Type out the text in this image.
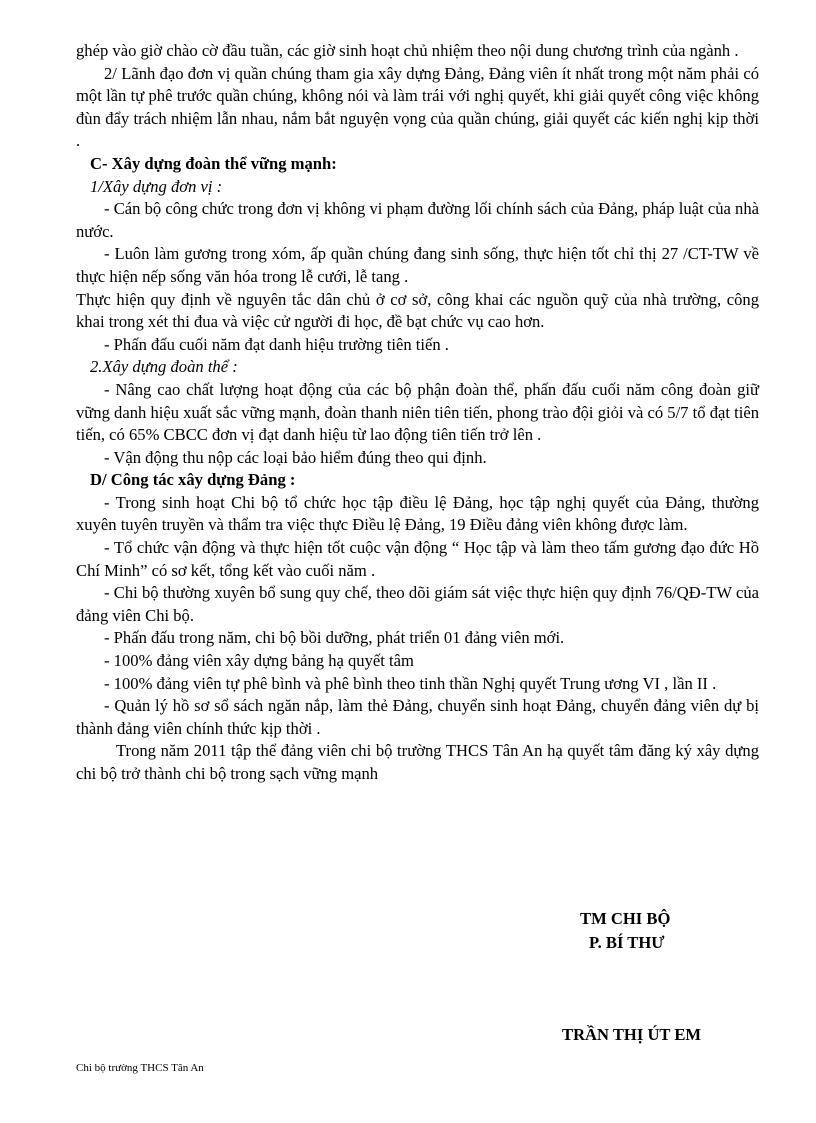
ghép vào giờ chào cờ đầu tuần, các giờ sinh hoạt chủ nhiệm theo nội dung chương trình của ngành .

2/ Lãnh đạo đơn vị quần chúng tham gia xây dựng Đảng, Đảng viên ít nhất trong một năm phải có một lần tự phê trước quần chúng, không nói và làm trái với nghị quyết, khi giải quyết công việc không đùn đẩy trách nhiệm lẫn nhau, nắm bắt nguyện vọng của quần chúng, giải quyết các kiến nghị kịp thời .

C- Xây dựng đoàn thể vững mạnh:

1/Xây dựng đơn vị :

- Cán bộ công chức trong đơn vị không vi phạm đường lối chính sách của Đảng, pháp luật của nhà nước.

- Luôn làm gương trong xóm, ấp quần chúng đang sinh sống, thực hiện tốt chỉ thị 27 /CT-TW về thực hiện nếp sống văn hóa trong lễ cưới, lễ tang .

Thực hiện quy định về nguyên tắc dân chủ ở cơ sở, công khai các nguồn quỹ của nhà trường, công khai trong xét thi đua và việc cử người đi học, đề bạt chức vụ cao hơn.

- Phấn đấu cuối năm đạt danh hiệu trường tiên tiến .

2.Xây dựng đoàn thể :

- Nâng cao chất lượng hoạt động của các bộ phận đoàn thể, phấn đấu cuối năm công đoàn giữ vững danh hiệu xuất sắc vững mạnh, đoàn thanh niên tiên tiến, phong trào đội giỏi và có 5/7 tổ đạt tiên tiến, có 65% CBCC đơn vị đạt danh hiệu từ lao động tiên tiến trở lên .

- Vận động thu nộp các loại bảo hiểm đúng theo qui định.

D/ Công tác xây dựng Đảng :

- Trong sinh hoạt Chi bộ tổ chức học tập điều lệ Đảng, học tập nghị quyết của Đảng, thường xuyên tuyên truyền và thẩm tra việc thực Điều lệ Đảng, 19 Điều đảng viên không được làm.

- Tổ chức vận động và thực hiện tốt cuộc vận động “ Học tập và làm theo tấm gương đạo đức Hồ Chí Minh” có sơ kết, tổng kết vào cuối năm .

- Chi bộ thường xuyên bổ sung quy chế, theo dõi giám sát việc thực hiện quy định 76/QĐ-TW của đảng viên Chi bộ.

- Phấn đấu trong năm, chi bộ bồi dưỡng, phát triển 01 đảng viên mới.

- 100% đảng viên xây dựng bảng hạ quyết tâm

- 100% đảng viên tự phê bình và phê bình theo tinh thần Nghị quyết Trung ương VI , lần II .

- Quản lý hồ sơ sổ sách ngăn nắp, làm thẻ Đảng, chuyển sinh hoạt Đảng, chuyển đảng viên dự bị thành đảng viên chính thức kịp thời .

Trong năm 2011 tập thể đảng viên chi bộ trường THCS Tân An hạ quyết tâm đăng ký xây dựng chi bộ trở thành chi bộ trong sạch vững mạnh

TM CHI BỘ
P. BÍ THƯ
TRẦN THỊ ÚT EM
Chi bộ trường THCS Tân An
